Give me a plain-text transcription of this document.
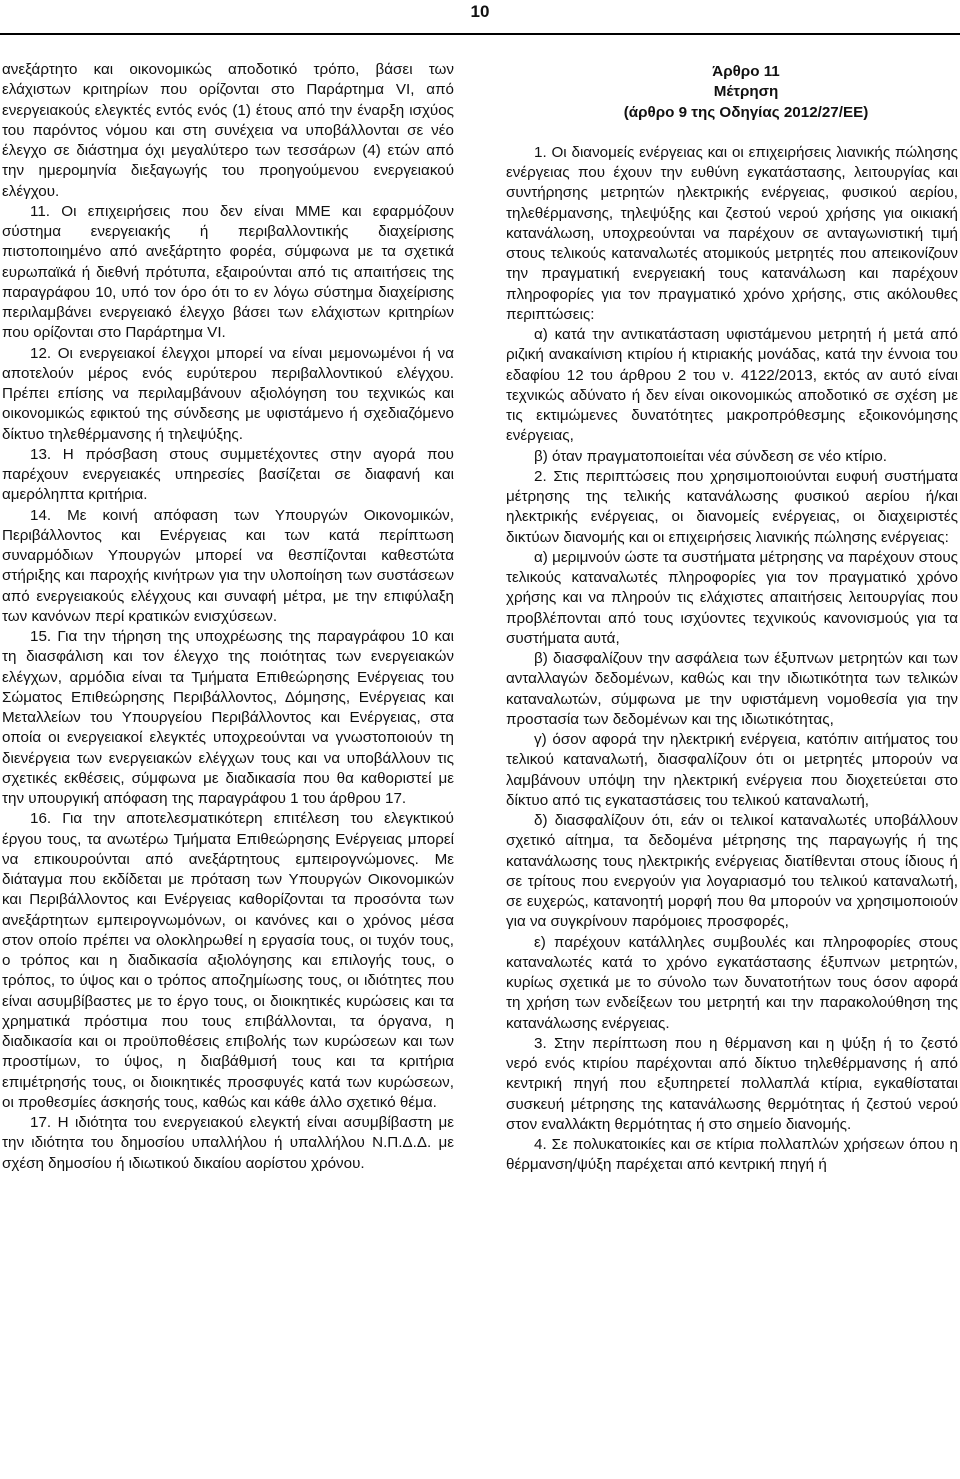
10

ανεξάρτητο και οικονομικώς αποδοτικό τρόπο, βάσει των ελάχιστων κριτηρίων που ορίζονται στο Παράρτημα VI, από ενεργειακούς ελεγκτές εντός ενός (1) έτους από την έναρξη ισχύος του παρόντος νόμου και στη συνέχεια να υποβάλλονται σε νέο έλεγχο σε διάστημα όχι μεγαλύτερο των τεσσάρων (4) ετών από την ημερομηνία διεξαγωγής του προηγούμενου ενεργειακού ελέγχου.

11. Οι επιχειρήσεις που δεν είναι ΜΜΕ και εφαρμόζουν σύστημα ενεργειακής ή περιβαλλοντικής διαχείρισης πιστοποιημένο από ανεξάρτητο φορέα, σύμφωνα με τα σχετικά ευρωπαϊκά ή διεθνή πρότυπα, εξαιρούνται από τις απαιτήσεις της παραγράφου 10, υπό τον όρο ότι το εν λόγω σύστημα διαχείρισης περιλαμβάνει ενεργειακό έλεγχο βάσει των ελάχιστων κριτηρίων που ορίζονται στο Παράρτημα VI.

12. Οι ενεργειακοί έλεγχοι μπορεί να είναι μεμονωμένοι ή να αποτελούν μέρος ενός ευρύτερου περιβαλλοντικού ελέγχου. Πρέπει επίσης να περιλαμβάνουν αξιολόγηση του τεχνικώς και οικονομικώς εφικτού της σύνδεσης με υφιστάμενο ή σχεδιαζόμενο δίκτυο τηλεθέρμανσης ή τηλεψύξης.

13. Η πρόσβαση στους συμμετέχοντες στην αγορά που παρέχουν ενεργειακές υπηρεσίες βασίζεται σε διαφανή και αμερόληπτα κριτήρια.

14. Με κοινή απόφαση των Υπουργών Οικονομικών, Περιβάλλοντος και Ενέργειας και των κατά περίπτωση συναρμόδιων Υπουργών μπορεί να θεσπίζονται καθεστώτα στήριξης και παροχής κινήτρων για την υλοποίηση των συστάσεων από ενεργειακούς ελέγχους και συναφή μέτρα, με την επιφύλαξη των κανόνων περί κρατικών ενισχύσεων.

15. Για την τήρηση της υποχρέωσης της παραγράφου 10 και τη διασφάλιση και τον έλεγχο της ποιότητας των ενεργειακών ελέγχων, αρμόδια είναι τα Τμήματα Επιθεώρησης Ενέργειας του Σώματος Επιθεώρησης Περιβάλλοντος, Δόμησης, Ενέργειας και Μεταλλείων του Υπουργείου Περιβάλλοντος και Ενέργειας, στα οποία οι ενεργειακοί ελεγκτές υποχρεούνται να γνωστοποιούν τη διενέργεια των ενεργειακών ελέγχων τους και να υποβάλλουν τις σχετικές εκθέσεις, σύμφωνα με διαδικασία που θα καθοριστεί με την υπουργική απόφαση της παραγράφου 1 του άρθρου 17.

16. Για την αποτελεσματικότερη επιτέλεση του ελεγκτικού έργου τους, τα ανωτέρω Τμήματα Επιθεώρησης Ενέργειας μπορεί να επικουρούνται από ανεξάρτητους εμπειρογνώμονες. Με διάταγμα που εκδίδεται με πρόταση των Υπουργών Οικονομικών και Περιβάλλοντος και Ενέργειας καθορίζονται τα προσόντα των ανεξάρτητων εμπειρογνωμόνων, οι κανόνες και ο χρόνος μέσα στον οποίο πρέπει να ολοκληρωθεί η εργασία τους, οι τυχόν τους, ο τρόπος και η διαδικασία αξιολόγησης και επιλογής τους, ο τρόπος, το ύψος και ο τρόπος αποζημίωσης τους, οι ιδιότητες που είναι ασυμβίβαστες με το έργο τους, οι διοικητικές κυρώσεις και τα χρηματικά πρόστιμα που τους επιβάλλονται, τα όργανα, η διαδικασία και οι προϋποθέσεις επιβολής των κυρώσεων και των προστίμων, το ύψος, η διαβάθμισή τους και τα κριτήρια επιμέτρησής τους, οι διοικητικές προσφυγές κατά των κυρώσεων, οι προθεσμίες άσκησής τους, καθώς και κάθε άλλο σχετικό θέμα.

17. Η ιδιότητα του ενεργειακού ελεγκτή είναι ασυμβίβαστη με την ιδιότητα του δημοσίου υπαλλήλου ή υπαλλήλου Ν.Π.Δ.Δ. με σχέση δημοσίου ή ιδιωτικού δικαίου αορίστου χρόνου.

Άρθρο 11

Μέτρηση

(άρθρο 9 της Οδηγίας 2012/27/ΕΕ)

1. Οι διανομείς ενέργειας και οι επιχειρήσεις λιανικής πώλησης ενέργειας που έχουν την ευθύνη εγκατάστασης, λειτουργίας και συντήρησης μετρητών ηλεκτρικής ενέργειας, φυσικού αερίου, τηλεθέρμανσης, τηλεψύξης και ζεστού νερού χρήσης για οικιακή κατανάλωση, υποχρεούνται να παρέχουν σε ανταγωνιστική τιμή στους τελικούς καταναλωτές ατομικούς μετρητές που απεικονίζουν την πραγματική ενεργειακή τους κατανάλωση και παρέχουν πληροφορίες για τον πραγματικό χρόνο χρήσης, στις ακόλουθες περιπτώσεις:

α) κατά την αντικατάσταση υφιστάμενου μετρητή ή μετά από ριζική ανακαίνιση κτιρίου ή κτιριακής μονάδας, κατά την έννοια του εδαφίου 12 του άρθρου 2 του ν. 4122/2013, εκτός αν αυτό είναι τεχνικώς αδύνατο ή δεν είναι οικονομικώς αποδοτικό σε σχέση με τις εκτιμώμενες δυνατότητες μακροπρόθεσμης εξοικονόμησης ενέργειας,

β) όταν πραγματοποιείται νέα σύνδεση σε νέο κτίριο.

2. Στις περιπτώσεις που χρησιμοποιούνται ευφυή συστήματα μέτρησης της τελικής κατανάλωσης φυσικού αερίου ή/και ηλεκτρικής ενέργειας, οι διανομείς ενέργειας, οι διαχειριστές δικτύων διανομής και οι επιχειρήσεις λιανικής πώλησης ενέργειας:

α) μεριμνούν ώστε τα συστήματα μέτρησης να παρέχουν στους τελικούς καταναλωτές πληροφορίες για τον πραγματικό χρόνο χρήσης και να πληρούν τις ελάχιστες απαιτήσεις λειτουργίας που προβλέπονται από τους ισχύοντες τεχνικούς κανονισμούς για τα συστήματα αυτά,

β) διασφαλίζουν την ασφάλεια των έξυπνων μετρητών και των ανταλλαγών δεδομένων, καθώς και την ιδιωτικότητα των τελικών καταναλωτών, σύμφωνα με την υφιστάμενη νομοθεσία για την προστασία των δεδομένων και της ιδιωτικότητας,

γ) όσον αφορά την ηλεκτρική ενέργεια, κατόπιν αιτήματος του τελικού καταναλωτή, διασφαλίζουν ότι οι μετρητές μπορούν να λαμβάνουν υπόψη την ηλεκτρική ενέργεια που διοχετεύεται στο δίκτυο από τις εγκαταστάσεις του τελικού καταναλωτή,

δ) διασφαλίζουν ότι, εάν οι τελικοί καταναλωτές υποβάλλουν σχετικό αίτημα, τα δεδομένα μέτρησης της παραγωγής ή της κατανάλωσης τους ηλεκτρικής ενέργειας διατίθενται στους ίδιους ή σε τρίτους που ενεργούν για λογαριασμό του τελικού καταναλωτή, σε ευχερώς, κατανοητή μορφή που θα μπορούν να χρησιμοποιούν για να συγκρίνουν παρόμοιες προσφορές,

ε) παρέχουν κατάλληλες συμβουλές και πληροφορίες στους καταναλωτές κατά το χρόνο εγκατάστασης έξυπνων μετρητών, κυρίως σχετικά με το σύνολο των δυνατοτήτων τους όσον αφορά τη χρήση των ενδείξεων του μετρητή και την παρακολούθηση της κατανάλωσης ενέργειας.

3. Στην περίπτωση που η θέρμανση και η ψύξη ή το ζεστό νερό ενός κτιρίου παρέχονται από δίκτυο τηλεθέρμανσης ή από κεντρική πηγή που εξυπηρετεί πολλαπλά κτίρια, εγκαθίσταται συσκευή μέτρησης της κατανάλωσης θερμότητας ή ζεστού νερού στον εναλλάκτη θερμότητας ή στο σημείο διανομής.

4. Σε πολυκατοικίες και σε κτίρια πολλαπλών χρήσεων όπου η θέρμανση/ψύξη παρέχεται από κεντρική πηγή ή
